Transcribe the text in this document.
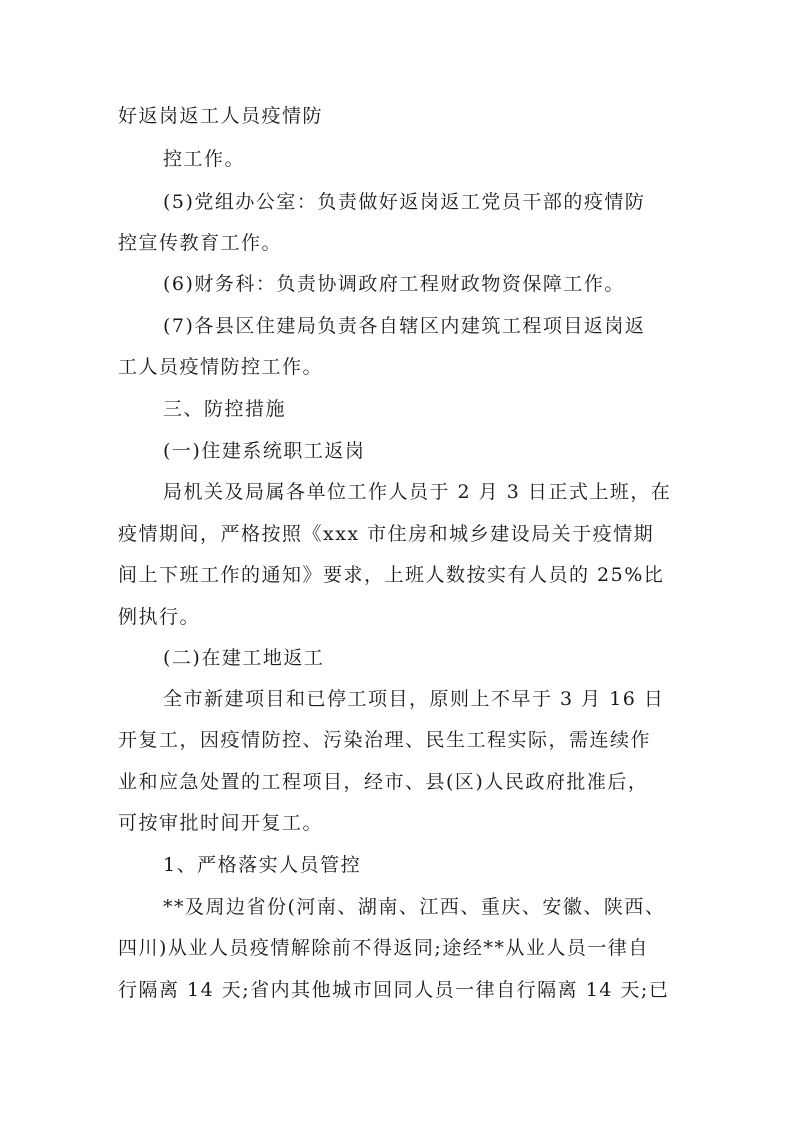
好返岗返工人员疫情防
控工作。
(5)党组办公室：负责做好返岗返工党员干部的疫情防
控宣传教育工作。
(6)财务科：负责协调政府工程财政物资保障工作。
(7)各县区住建局负责各自辖区内建筑工程项目返岗返
工人员疫情防控工作。
三、防控措施
(一)住建系统职工返岗
局机关及局属各单位工作人员于 2 月 3 日正式上班，在
疫情期间，严格按照《xxx 市住房和城乡建设局关于疫情期
间上下班工作的通知》要求，上班人数按实有人员的 25%比
例执行。
(二)在建工地返工
全市新建项目和已停工项目，原则上不早于 3 月 16 日
开复工，因疫情防控、污染治理、民生工程实际，需连续作
业和应急处置的工程项目，经市、县(区)人民政府批准后，
可按审批时间开复工。
1、严格落实人员管控
**及周边省份(河南、湖南、江西、重庆、安徽、陕西、
四川)从业人员疫情解除前不得返同;途经**从业人员一律自
行隔离 14 天;省内其他城市回同人员一律自行隔离 14 天;已
